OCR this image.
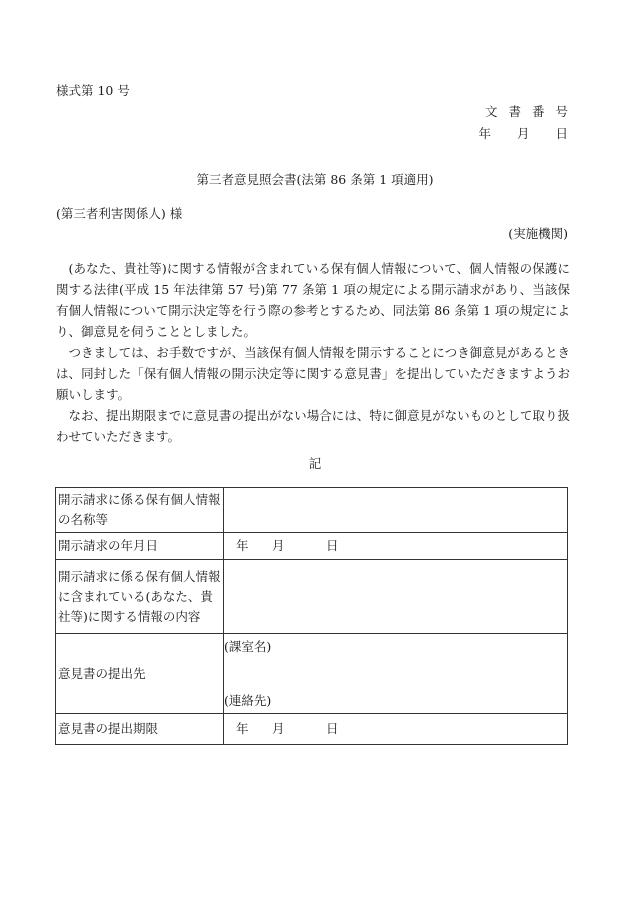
様式第 10 号
文書番号
年 月 日
第三者意見照会書(法第 86 条第 1 項適用)
(第三者利害関係人) 様
(実施機関)

(あなた、貴社等)に関する情報が含まれている保有個人情報について、個人情報の保護に関する法律(平成 15 年法律第 57 号)第 77 条第 1 項の規定による開示請求があり、当該保有個人情報について開示決定等を行う際の参考とするため、同法第 86 条第 1 項の規定により、御意見を伺うこととしました。

つきましては、お手数ですが、当該保有個人情報を開示することにつき御意見があるときは、同封した「保有個人情報の開示決定等に関する意見書」を提出していただきますようお願いします。

なお、提出期限までに意見書の提出がない場合には、特に御意見がないものとして取り扱わせていただきます。

記
開示請求に係る保有個人情報の名称等	
開示請求の年月日	年 月 日
開示請求に係る保有個人情報に含まれている(あなた、貴社等)に関する情報の内容	
意見書の提出先	(課室名)
(連絡先)

意見書の提出期限	年 月 日
